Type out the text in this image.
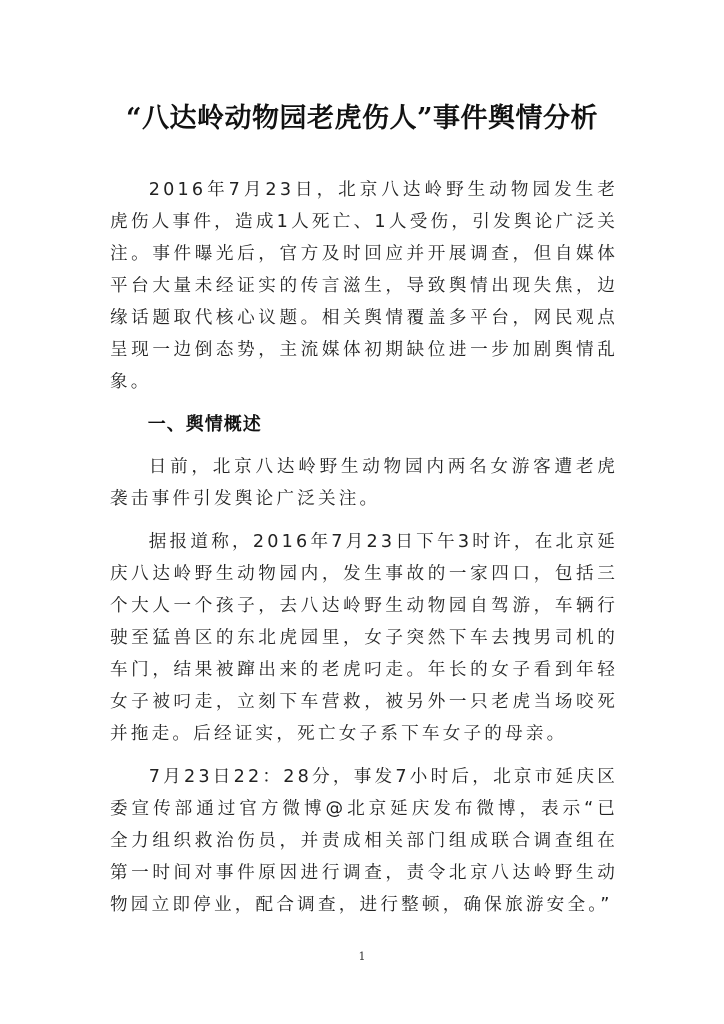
“八达岭动物园老虎伤人”事件舆情分析

2016年7月23日，北京八达岭野生动物园发生老虎伤人事件，造成1人死亡、1人受伤，引发舆论广泛关注。事件曝光后，官方及时回应并开展调查，但自媒体平台大量未经证实的传言滋生，导致舆情出现失焦，边缘话题取代核心议题。相关舆情覆盖多平台，网民观点呈现一边倒态势，主流媒体初期缺位进一步加剧舆情乱象。

一、舆情概述

日前，北京八达岭野生动物园内两名女游客遭老虎袭击事件引发舆论广泛关注。

据报道称，2016年7月23日下午3时许，在北京延庆八达岭野生动物园内，发生事故的一家四口，包括三个大人一个孩子，去八达岭野生动物园自驾游，车辆行驶至猛兽区的东北虎园里，女子突然下车去拽男司机的车门，结果被蹿出来的老虎叼走。年长的女子看到年轻女子被叼走，立刻下车营救，被另外一只老虎当场咬死并拖走。后经证实，死亡女子系下车女子的母亲。

7月23日22：28分，事发7小时后，北京市延庆区委宣传部通过官方微博@北京延庆发布微博，表示“已全力组织救治伤员，并责成相关部门组成联合调查组在第一时间对事件原因进行调查，责令北京八达岭野生动物园立即停业，配合调查，进行整顿，确保旅游安全。”

1
